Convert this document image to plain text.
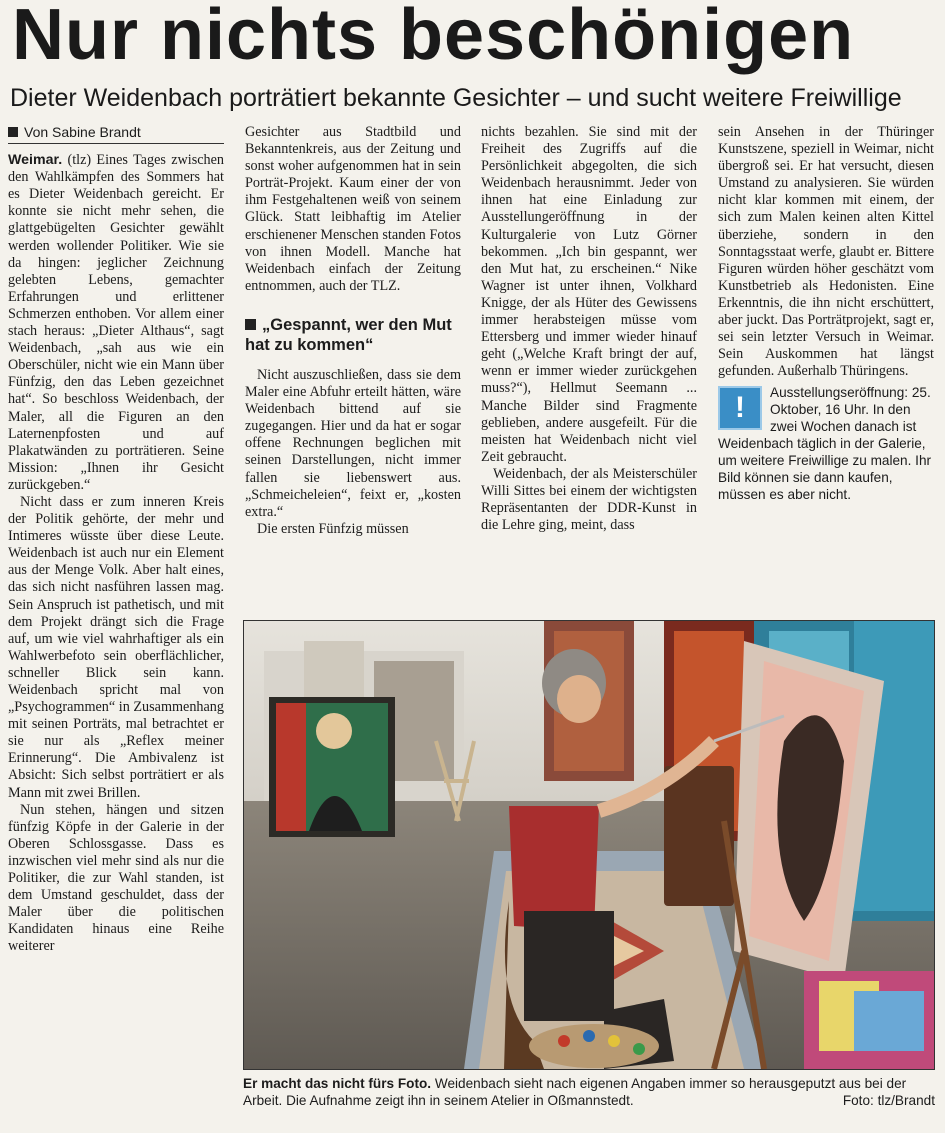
Nur nichts beschönigen
Dieter Weidenbach porträtiert bekannte Gesichter – und sucht weitere Freiwillige
Von Sabine Brandt

Weimar. (tlz) Eines Tages zwischen den Wahlkämpfen des Sommers hat es Dieter Weidenbach gereicht. Er konnte sie nicht mehr sehen, die glattgebügelten Gesichter gewählt werden wollender Politiker. Wie sie da hingen: jeglicher Zeichnung gelebten Lebens, gemachter Erfahrungen und erlittener Schmerzen enthoben. Vor allem einer stach heraus: „Dieter Althaus“, sagt Weidenbach, „sah aus wie ein Oberschüler, nicht wie ein Mann über Fünfzig, den das Leben gezeichnet hat“. So beschloss Weidenbach, der Maler, all die Figuren an den Laternenpfosten und auf Plakatwänden zu porträtieren. Seine Mission: „Ihnen ihr Gesicht zurückgeben.“

Nicht dass er zum inneren Kreis der Politik gehörte, der mehr und Intimeres wüsste über diese Leute. Weidenbach ist auch nur ein Element aus der Menge Volk. Aber halt eines, das sich nicht nasführen lassen mag. Sein Anspruch ist pathetisch, und mit dem Projekt drängt sich die Frage auf, um wie viel wahrhaftiger als ein Wahlwerbefoto sein oberflächlicher, schneller Blick sein kann. Weidenbach spricht mal von „Psychogrammen“ in Zusammenhang mit seinen Porträts, mal betrachtet er sie nur als „Reflex meiner Erinnerung“. Die Ambivalenz ist Absicht: Sich selbst porträtiert er als Mann mit zwei Brillen.

Nun stehen, hängen und sitzen fünfzig Köpfe in der Galerie in der Oberen Schlossgasse. Dass es inzwischen viel mehr sind als nur die Politiker, die zur Wahl standen, ist dem Umstand geschuldet, dass der Maler über die politischen Kandidaten hinaus eine Reihe weiterer

Gesichter aus Stadtbild und Bekanntenkreis, aus der Zeitung und sonst woher aufgenommen hat in sein Porträt-Projekt. Kaum einer der von ihm Festgehaltenen weiß von seinem Glück. Statt leibhaftig im Atelier erschienener Menschen standen Fotos von ihnen Modell. Manche hat Weidenbach einfach der Zeitung entnommen, auch der TLZ.

„Gespannt, wer den Mut hat zu kommen“

Nicht auszuschließen, dass sie dem Maler eine Abfuhr erteilt hätten, wäre Weidenbach bittend auf sie zugegangen. Hier und da hat er sogar offene Rechnungen beglichen mit seinen Darstellungen, nicht immer fallen sie liebenswert aus. „Schmeicheleien“, feixt er, „kosten extra.“

Die ersten Fünfzig müssen

nichts bezahlen. Sie sind mit der Freiheit des Zugriffs auf die Persönlichkeit abgegolten, die sich Weidenbach herausnimmt. Jeder von ihnen hat eine Einladung zur Ausstellungeröffnung in der Kulturgalerie von Lutz Görner bekommen. „Ich bin gespannt, wer den Mut hat, zu erscheinen.“ Nike Wagner ist unter ihnen, Volkhard Knigge, der als Hüter des Gewissens immer herabsteigen müsse vom Ettersberg und immer wieder hinauf geht („Welche Kraft bringt der auf, wenn er immer wieder zurückgehen muss?“), Hellmut Seemann ... Manche Bilder sind Fragmente geblieben, andere ausgefeilt. Für die meisten hat Weidenbach nicht viel Zeit gebraucht.

Weidenbach, der als Meisterschüler Willi Sittes bei einem der wichtigsten Repräsentanten der DDR-Kunst in die Lehre ging, meint, dass

sein Ansehen in der Thüringer Kunstszene, speziell in Weimar, nicht übergroß sei. Er hat versucht, diesen Umstand zu analysieren. Sie würden nicht klar kommen mit einem, der sich zum Malen keinen alten Kittel überziehe, sondern in den Sonntagsstaat werfe, glaubt er. Bittere Figuren würden höher geschätzt vom Kunstbetrieb als Hedonisten. Eine Erkenntnis, die ihn nicht erschüttert, aber juckt. Das Porträtprojekt, sagt er, sei sein letzter Versuch in Weimar. Sein Auskommen hat längst gefunden. Außerhalb Thüringens.

!	Ausstellungseröffnung: 25. Oktober, 16 Uhr. In den zwei Wochen danach ist Weidenbach täglich in der Galerie, um weitere Freiwillige zu malen. Ihr Bild können sie dann kaufen, müssen es aber nicht.
Er macht das nicht fürs Foto. Weidenbach sieht nach eigenen Angaben immer so herausgeputzt aus bei der Arbeit. Die Aufnahme zeigt ihn in seinem Atelier in Oßmannstedt.	Foto: tlz/Brandt
